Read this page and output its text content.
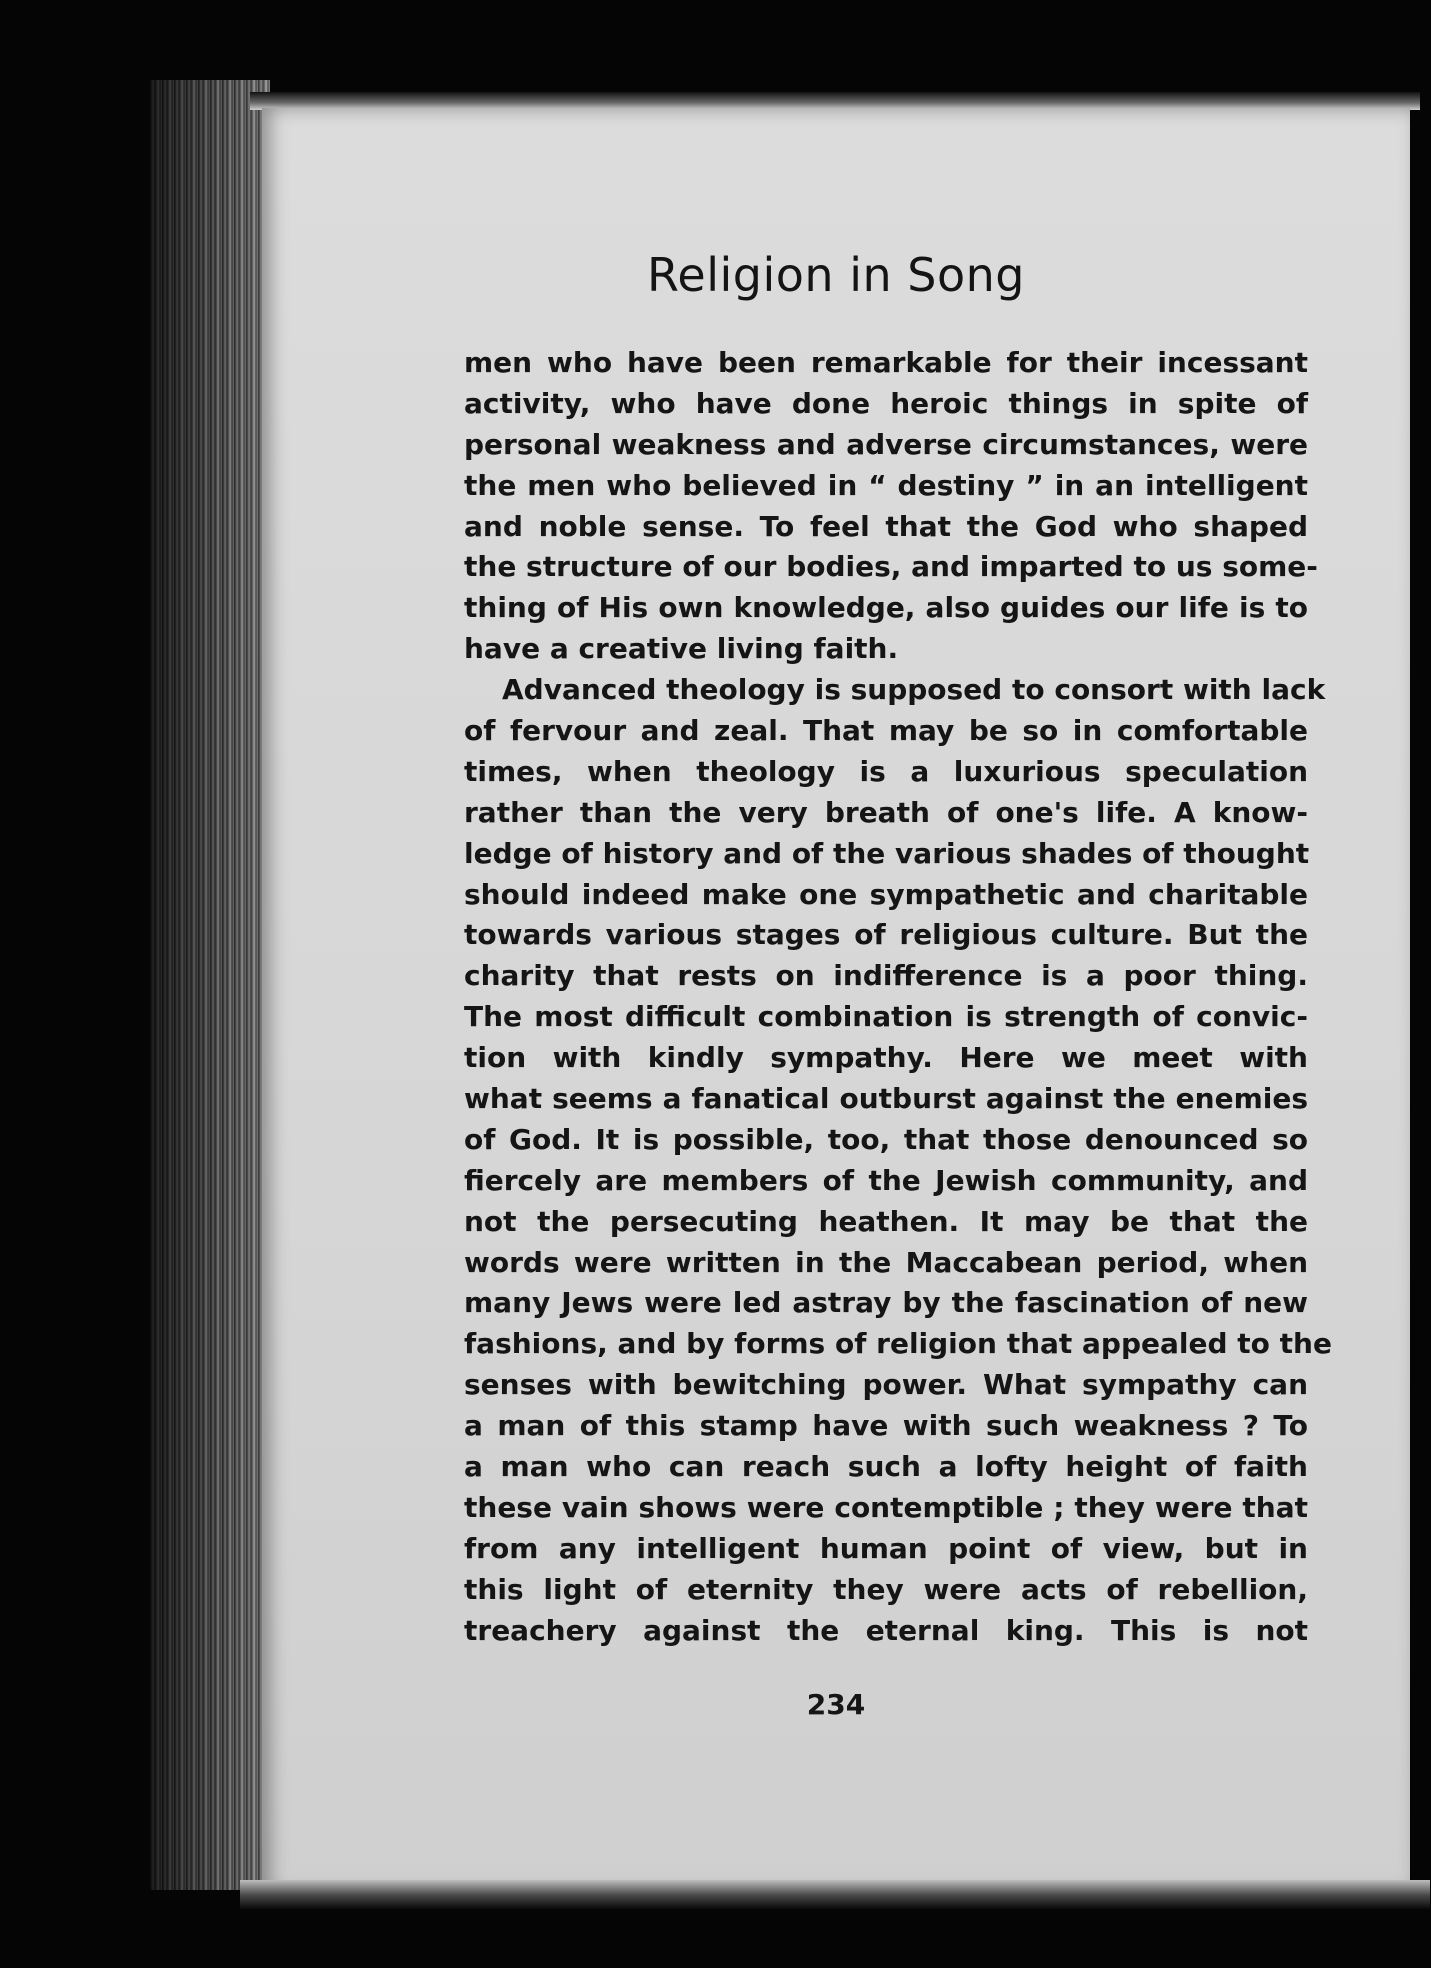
Religion in Song
men who have been remarkable for their incessant
activity, who have done heroic things in spite of
personal weakness and adverse circumstances, were
the men who believed in “ destiny ” in an intelligent
and noble sense. To feel that the God who shaped
the structure of our bodies, and imparted to us some-
thing of His own knowledge, also guides our life is to
have a creative living faith.
Advanced theology is supposed to consort with lack
of fervour and zeal. That may be so in comfortable
times, when theology is a luxurious speculation
rather than the very breath of one's life. A know-
ledge of history and of the various shades of thought
should indeed make one sympathetic and charitable
towards various stages of religious culture. But the
charity that rests on indifference is a poor thing.
The most difficult combination is strength of convic-
tion with kindly sympathy. Here we meet with
what seems a fanatical outburst against the enemies
of God. It is possible, too, that those denounced so
fiercely are members of the Jewish community, and
not the persecuting heathen. It may be that the
words were written in the Maccabean period, when
many Jews were led astray by the fascination of new
fashions, and by forms of religion that appealed to the
senses with bewitching power. What sympathy can
a man of this stamp have with such weakness ? To
a man who can reach such a lofty height of faith
these vain shows were contemptible ; they were that
from any intelligent human point of view, but in
this light of eternity they were acts of rebellion,
treachery against the eternal king. This is not
234
